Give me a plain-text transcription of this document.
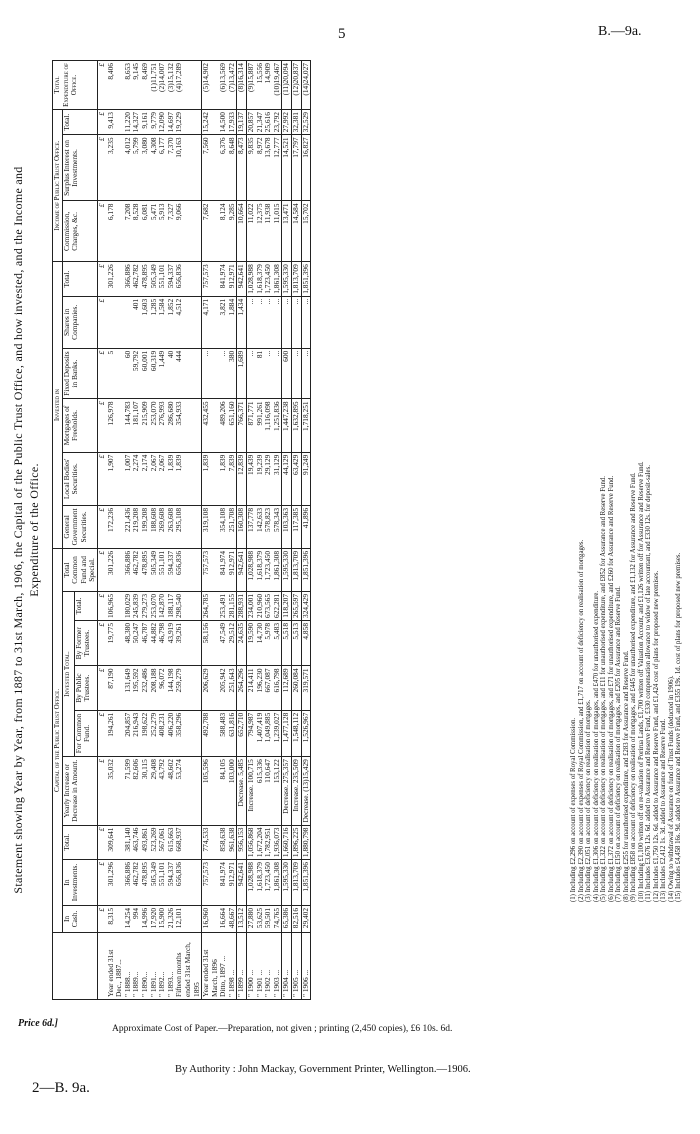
5	B.—9a.
Statement showing Year by Year, from 1887 to 31st March, 1906, the Capital of the Public Trust Office, and how invested, and the Income and Expenditure of the Office.
	Capital of the Public Trust Office.									Invested in						Income of Public Trust Office.			Total Expenditure of Office.
	In Cash.	In Investments.	Total.	Yearly Increase or Decrease in Amount.	Invested Total.				Total Common Fund and Special.	General Government Securities.	Local Bodies' Securities.	Mortgages of Freeholds.	Fixed Deposits in Banks.	Shares in Companies.	Total.	Commission, Charges, &c.	Surplus Interest on Investments.	Total.	
					For Common Fund.	By Public Trustees.	By Former Trustees.	Total.											
	£	£	£	£	£	£	£	£	£	£	£	£	£	£	£	£	£	£	£
Year ended 31st Dec., 1887...	8,315	301,296	309,641	35,032	194,261	87,190	19,775	106,965	301,226	172,236	1,907	126,978	5		301,226	6,178	3,235	9,413	8,406
" 1888...	14,254	366,886	381,140	71,599	204,857	131,649	48,380	180,029	366,886	221,436	1,007	144,783	60		366,886	7,208	4,012	11,220	8,653
" 1889...	994	462,782	463,746	82,606	216,943	195,592	50,247	245,839	462,782	219,208	2,274	181,107	59,792	401	462,782	8,528	5,799	14,327	9,145
" 1890...	14,996	478,895	493,861	30,115	198,622	232,486	46,787	279,273	478,895	199,208	2,174	215,909	60,001	1,603	478,895	6,081	3,080	9,161	8,469
" 1891...	17,920	505,349	523,269	29,408	252,279	208,188	44,882	253,070	505,349	188,608	2,067	253,070	60,319	1,285	505,349	5,471	4,308	9,779	(1)11,751
" 1892...	15,900	551,101	567,061	43,792	408,231	96,072	46,798	142,870	551,101	269,608	2,067	276,993	1,449	1,584	551,101	5,913	6,177	12,090	(2)14,007
" 1893...	21,326	594,337	615,663	48,602	406,220	144,198	43,919	188,117	594,337	263,608	1,839	286,680	40	1,852	594,337	7,327	7,370	14,697	(3)15,132
Fifteen months ended 31st March, 1895	12,101	656,836	668,937	53,274	358,296	259,279	39,261	298,540	656,836	295,108	1,839	354,933	444	4,512	656,836	9,066	10,163	19,229	(4)17,289
Year ended 31st March, 1896	16,960	757,573	774,533	105,596	492,788	206,629	58,156	264,785	757,573	319,108	1,839	432,455	...	4,171	757,573	7,682	7,560	15,242	(5)14,902
Ditto, 1897 ...	16,664	841,974	858,638	84,105	588,483	205,942	47,549	253,491	841,974	354,108	1,839	489,206	...	3,821	841,974	8,124	6,376	14,500	(6)13,569
" 1898 ...	48,667	912,971	961,638	103,000	631,816	251,643	29,512	281,155	912,971	251,708	7,839	651,160	380	1,884	912,971	9,285	8,648	17,933	(7)13,472
" 1899 ...	13,512	942,641	956,153	Decrease. 5,485	652,710	264,296	24,635	288,931	942,641	160,308	12,839	766,371	1,689	1,434	942,641	10,664	8,473	19,137	(8)16,314
" 1900 ...	27,880	1,028,988	1,056,868	Increase. 100,715	794,987	214,411	19,590	234,001	1,028,988	137,778	19,439	871,771	...	...	1,028,988	11,022	9,835	20,857	(9)15,887
" 1901 ...	53,625	1,618,379	1,672,204	615,336	1,407,419	196,230	14,730	210,960	1,618,379	142,633	19,239	991,261	81	...	1,618,379	12,375	8,972	21,347	15,556
" 1902 ...	59,501	1,723,450	1,782,951	110,647	1,049,885	667,087	5,978	673,565	1,723,450	578,823	29,129	1,116,098	...	...	1,723,450	11,938	13,678	25,616	14,909
" 1903 ...	74,765	1,861,308	1,936,073	153,122	1,239,027	616,798	5,483	622,281	1,861,308	578,343	31,129	1,251,836	...	...	1,861,308	11,015	12,777	23,792	(10)19,467
" 1904 ...	65,386	1,595,330	1,660,716	Decrease. 275,357	1,477,128	112,689	5,518	118,207	1,595,330	103,363	44,129	1,447,238	600	...	1,595,330	13,471	14,521	27,992	(11)20,094
" 1905 ...	82,516	1,813,709	1,896,225	Increase. 235,509	1,548,112	260,084	5,513	265,597	1,813,709	117,385	63,429	1,632,895	...	...	1,813,709	14,584	17,797	32,381	(12)20,837
" 1906 ...	29,402	1,851,396	1,880,798	Decrease. (13)15,429	1,526,967	319,571	4,858	324,429	1,851,396	41,896	91,249	1,718,251	...	...	1,851,396	15,702	16,827	32,529	(14)24,027
(1) Including £2,296 on account of expenses of Royal Commission. (2) Including £2,390 on account of expenses of Royal Commission, and £1,717 on account of deficiency on realisation of mortgages. (3) Including £2,051 on account of deficiency on realisation of mortgages. (4) Including £1,306 on account of deficiency on realisation of mortgages, and £470 for unauthorised expenditure. (5) Including £1,322 on account of deficiency on realisation of mortgages, and £11 for unauthorised expenditure, and £852 for Assurance and Reserve Fund. (6) Including £1,372 on account of deficiency on realisation of mortgages, and £71 for unauthorised expenditure, and £260 for Assurance and Reserve Fund. (7) Including £150 on account of deficiency on realisation of mortgages, and £205 for Assurance and Reserve Fund. (8) Including £255 for unauthorised expenditure, and £283 for Assurance and Reserve Fund. (9) Including £858 on account of deficiency on realisation of mortgages, and £445 for unauthorised expenditure, and £1,132 for Assurance and Reserve Fund. (10) Including £1,100 written off on re-valuation of Porirua Lands, £1,700 written off Valuation Account, and £1,126 written off for Assurance and Reserve Fund. (11) Includes £3,676 12s. 6d. added to Assurance and Reserve Fund, £330 compensation allowance to widow of late accountant, and £330 12s. for deposit-sales. (12) Includes £1,750 12s. 6d. added to Assurance and Reserve Fund, and £1,424 cost of plans for proposed new premises. (13) Includes £2,412 1s. 3d. added to Assurance and Reserve Fund. (14) Owing to withdrawal of Assurance on fund of Trust Funds (deducted in 1906). (15) Includes £4,458 16s. 9d. added to Assurance and Reserve Fund, and £355 19s. 1d. cost of plans for proposed new premises.
Approximate Cost of Paper.—Preparation, not given ; printing (2,450 copies), £6 10s. 6d.
By Authority : John Mackay, Government Printer, Wellington.—1906.
Price 6d.]
2—B. 9a.
